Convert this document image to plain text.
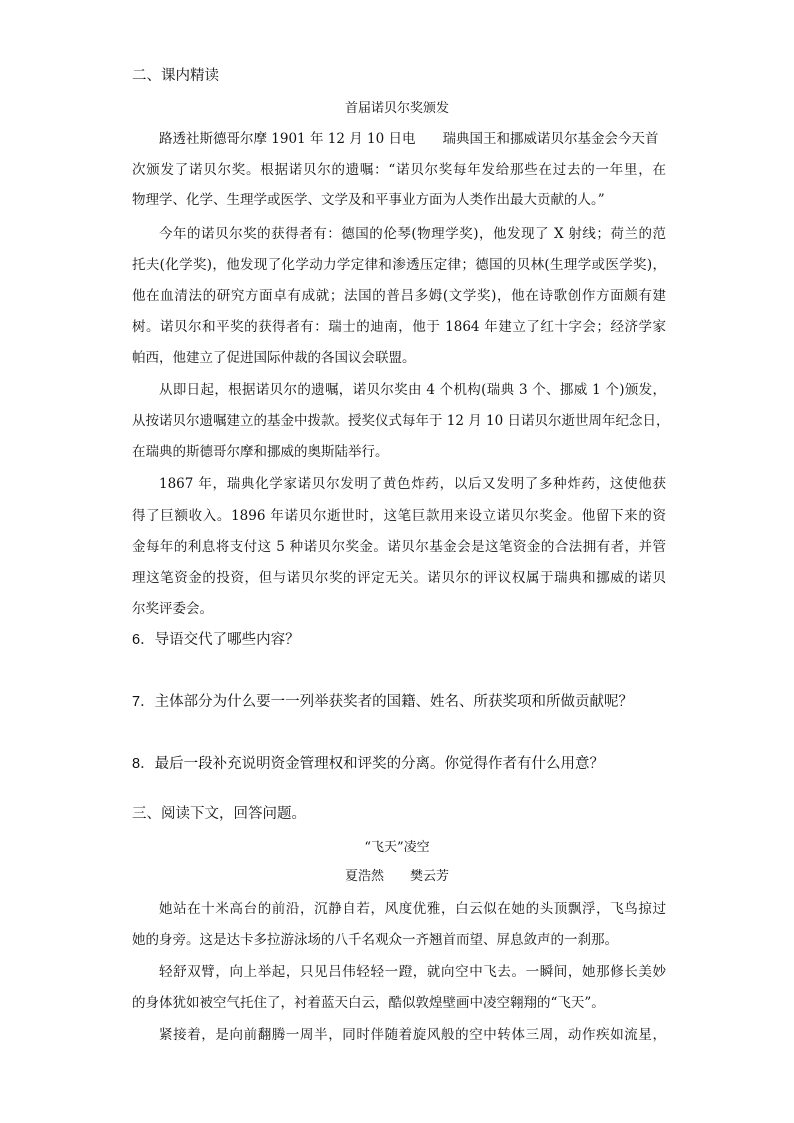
二、课内精读
首届诺贝尔奖颁发
路透社斯德哥尔摩 1901 年 12 月 10 日电　　瑞典国王和挪威诺贝尔基金会今天首
次颁发了诺贝尔奖。根据诺贝尔的遗嘱：“诺贝尔奖每年发给那些在过去的一年里，在
物理学、化学、生理学或医学、文学及和平事业方面为人类作出最大贡献的人。”
今年的诺贝尔奖的获得者有：德国的伦琴(物理学奖)，他发现了 X 射线；荷兰的范
托夫(化学奖)，他发现了化学动力学定律和渗透压定律；德国的贝林(生理学或医学奖)，
他在血清法的研究方面卓有成就；法国的普吕多姆(文学奖)，他在诗歌创作方面颇有建
树。诺贝尔和平奖的获得者有：瑞士的迪南，他于 1864 年建立了红十字会；经济学家
帕西，他建立了促进国际仲裁的各国议会联盟。
从即日起，根据诺贝尔的遗嘱，诺贝尔奖由 4 个机构(瑞典 3 个、挪威 1 个)颁发，
从按诺贝尔遗嘱建立的基金中拨款。授奖仪式每年于 12 月 10 日诺贝尔逝世周年纪念日，
在瑞典的斯德哥尔摩和挪威的奥斯陆举行。
1867 年，瑞典化学家诺贝尔发明了黄色炸药，以后又发明了多种炸药，这使他获
得了巨额收入。1896 年诺贝尔逝世时，这笔巨款用来设立诺贝尔奖金。他留下来的资
金每年的利息将支付这 5 种诺贝尔奖金。诺贝尔基金会是这笔资金的合法拥有者，并管
理这笔资金的投资，但与诺贝尔奖的评定无关。诺贝尔的评议权属于瑞典和挪威的诺贝
尔奖评委会。
6．导语交代了哪些内容？
7．主体部分为什么要一一列举获奖者的国籍、姓名、所获奖项和所做贡献呢？
8．最后一段补充说明资金管理权和评奖的分离。你觉得作者有什么用意？
三、阅读下文，回答问题。
“飞天”凌空
夏浩然　　樊云芳
她站在十米高台的前沿，沉静自若，风度优雅，白云似在她的头顶飘浮，飞鸟掠过
她的身旁。这是达卡多拉游泳场的八千名观众一齐翘首而望、屏息敛声的一刹那。
轻舒双臂，向上举起，只见吕伟轻轻一蹬，就向空中飞去。一瞬间，她那修长美妙
的身体犹如被空气托住了，衬着蓝天白云，酷似敦煌壁画中凌空翱翔的“飞天”。
紧接着，是向前翻腾一周半，同时伴随着旋风般的空中转体三周，动作疾如流星，
